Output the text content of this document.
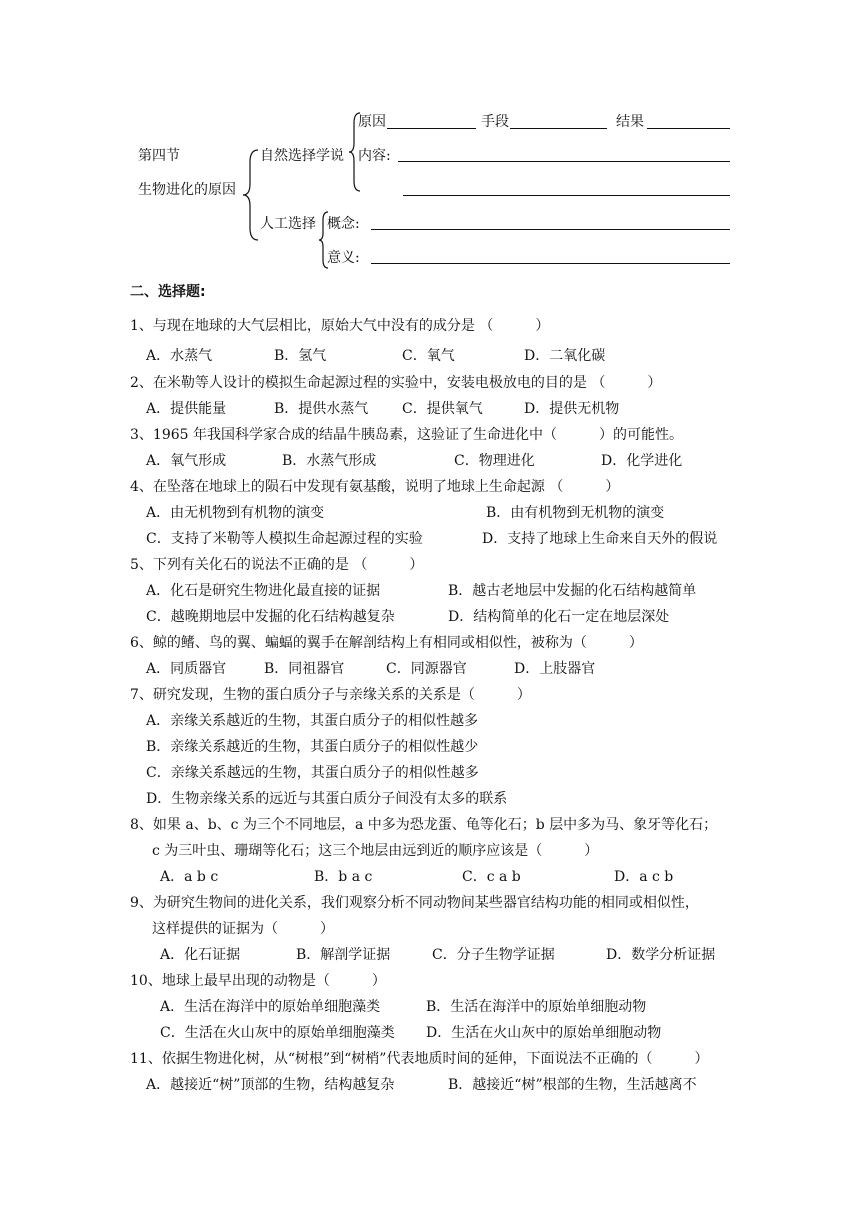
第四节
生物进化的原因
自然选择学说
原因	手段	结果
内容:
人工选择 概念:
意义:
二、选择题:
1、与现在地球的大气层相比，原始大气中没有的成分是 （　　　）
A．水蒸气	B．氢气	C．氧气	D．二氧化碳
2、在米勒等人设计的模拟生命起源过程的实验中，安装电极放电的目的是 （　　　）
A．提供能量	B．提供水蒸气 C．提供氧气	D．提供无机物
3、1965 年我国科学家合成的结晶牛胰岛素，这验证了生命进化中（　　　）的可能性。
A．氧气形成	B．水蒸气形成	C．物理进化	D．化学进化
4、在坠落在地球上的陨石中发现有氨基酸，说明了地球上生命起源 （　　　）
A．由无机物到有机物的演变	B．由有机物到无机物的演变
C．支持了米勒等人模拟生命起源过程的实验	D．支持了地球上生命来自天外的假说
5、下列有关化石的说法不正确的是 （　　　）
A．化石是研究生物进化最直接的证据	B．越古老地层中发掘的化石结构越简单
C．越晚期地层中发掘的化石结构越复杂	D．结构简单的化石一定在地层深处
6、鲸的鳍、鸟的翼、蝙蝠的翼手在解剖结构上有相同或相似性，被称为（　　　）
A．同质器官	B．同祖器官	C．同源器官	D．上肢器官
7、研究发现，生物的蛋白质分子与亲缘关系的关系是（　　　）
A．亲缘关系越近的生物，其蛋白质分子的相似性越多
B．亲缘关系越近的生物，其蛋白质分子的相似性越少
C．亲缘关系越远的生物，其蛋白质分子的相似性越多
D．生物亲缘关系的远近与其蛋白质分子间没有太多的联系
8、如果 a、b、c 为三个不同地层，a 中多为恐龙蛋、龟等化石；b 层中多为马、象牙等化石；
c 为三叶虫、珊瑚等化石；这三个地层由远到近的顺序应该是（　　　）
A．a b c	B．b a c	C．c a b	D．a c b
9、为研究生物间的进化关系，我们观察分析不同动物间某些器官结构功能的相同或相似性，
这样提供的证据为（　　　）
A．化石证据	B．解剖学证据	C．分子生物学证据	D．数学分析证据
10、地球上最早出现的动物是（　　　）
A．生活在海洋中的原始单细胞藻类	B．生活在海洋中的原始单细胞动物
C．生活在火山灰中的原始单细胞藻类 D．生活在火山灰中的原始单细胞动物
11、依据生物进化树，从“树根”到“树梢”代表地质时间的延伸，下面说法不正确的（　　　）
A．越接近“树”顶部的生物，结构越复杂	B．越接近“树”根部的生物，生活越离不
